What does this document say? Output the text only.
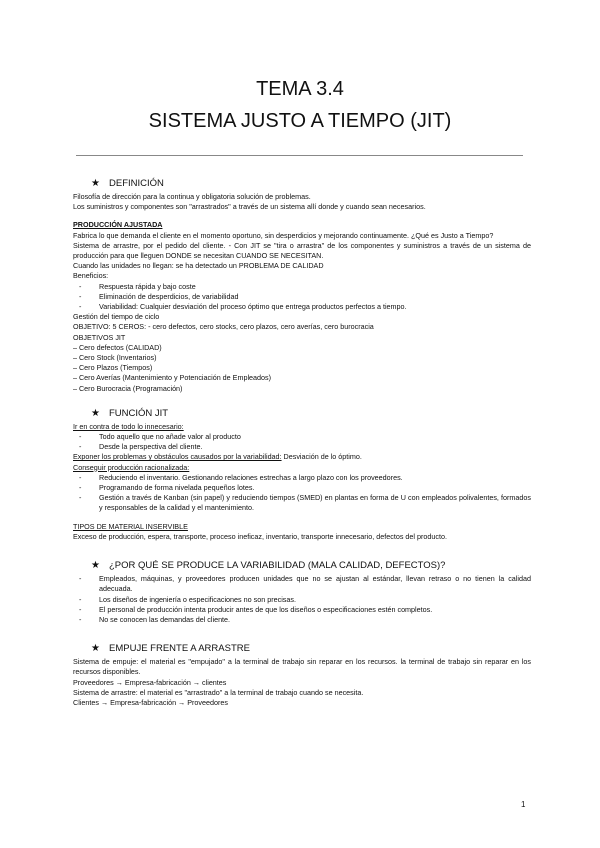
TEMA 3.4
SISTEMA JUSTO A TIEMPO (JIT)
★ DEFINICIÓN
Filosofía de dirección para la continua y obligatoria solución de problemas.
Los suministros y componentes son "arrastrados" a través de un sistema allí donde y cuando sean necesarios.
PRODUCCIÓN AJUSTADA
Fabrica lo que demanda el cliente en el momento oportuno, sin desperdicios y mejorando continuamente. ¿Qué es Justo a Tiempo?
Sistema de arrastre, por el pedido del cliente. - Con JIT se "tira o arrastra" de los componentes y suministros a través de un sistema de producción para que lleguen DONDE se necesitan CUANDO SE NECESITAN.
Cuando las unidades no llegan: se ha detectado un PROBLEMA DE CALIDAD
Beneficios:
- Respuesta rápida y bajo coste
- Eliminación de desperdicios, de variabilidad
- Variabilidad: Cualquier desviación del proceso óptimo que entrega productos perfectos a tiempo.
Gestión del tiempo de ciclo
OBJETIVO: 5 CEROS: - cero defectos, cero stocks, cero plazos, cero averías, cero burocracia
OBJETIVOS JIT
– Cero defectos (CALIDAD)
– Cero Stock (Inventarios)
– Cero Plazos (Tiempos)
– Cero Averías (Mantenimiento y Potenciación de Empleados)
– Cero Burocracia (Programación)
★ FUNCIÓN JIT
Ir en contra de todo lo innecesario:
- Todo aquello que no añade valor al producto
- Desde la perspectiva del cliente.
Exponer los problemas y obstáculos causados por la variabilidad: Desviación de lo óptimo.
Conseguir producción racionalizada:
- Reduciendo el inventario. Gestionando relaciones estrechas a largo plazo con los proveedores.
- Programando de forma nivelada pequeños lotes.
- Gestión a través de Kanban (sin papel) y reduciendo tiempos (SMED) en plantas en forma de U con empleados polivalentes, formados y responsables de la calidad y el mantenimiento.
TIPOS DE MATERIAL INSERVIBLE
Exceso de producción, espera, transporte, proceso ineficaz, inventario, transporte innecesario, defectos del producto.
★ ¿POR QUÉ SE PRODUCE LA VARIABILIDAD (MALA CALIDAD, DEFECTOS)?
- Empleados, máquinas, y proveedores producen unidades que no se ajustan al estándar, llevan retraso o no tienen la calidad adecuada.
- Los diseños de ingeniería o especificaciones no son precisas.
- El personal de producción intenta producir antes de que los diseños o especificaciones estén completos.
- No se conocen las demandas del cliente.
★ EMPUJE FRENTE A ARRASTRE
Sistema de empuje: el material es "empujado" a la terminal de trabajo sin reparar en los recursos. la terminal de trabajo sin reparar en los recursos disponibles.
Proveedores → Empresa-fabricación → clientes
Sistema de arrastre: el material es "arrastrado" a la terminal de trabajo cuando se necesita.
Clientes → Empresa-fabricación → Proveedores
1
